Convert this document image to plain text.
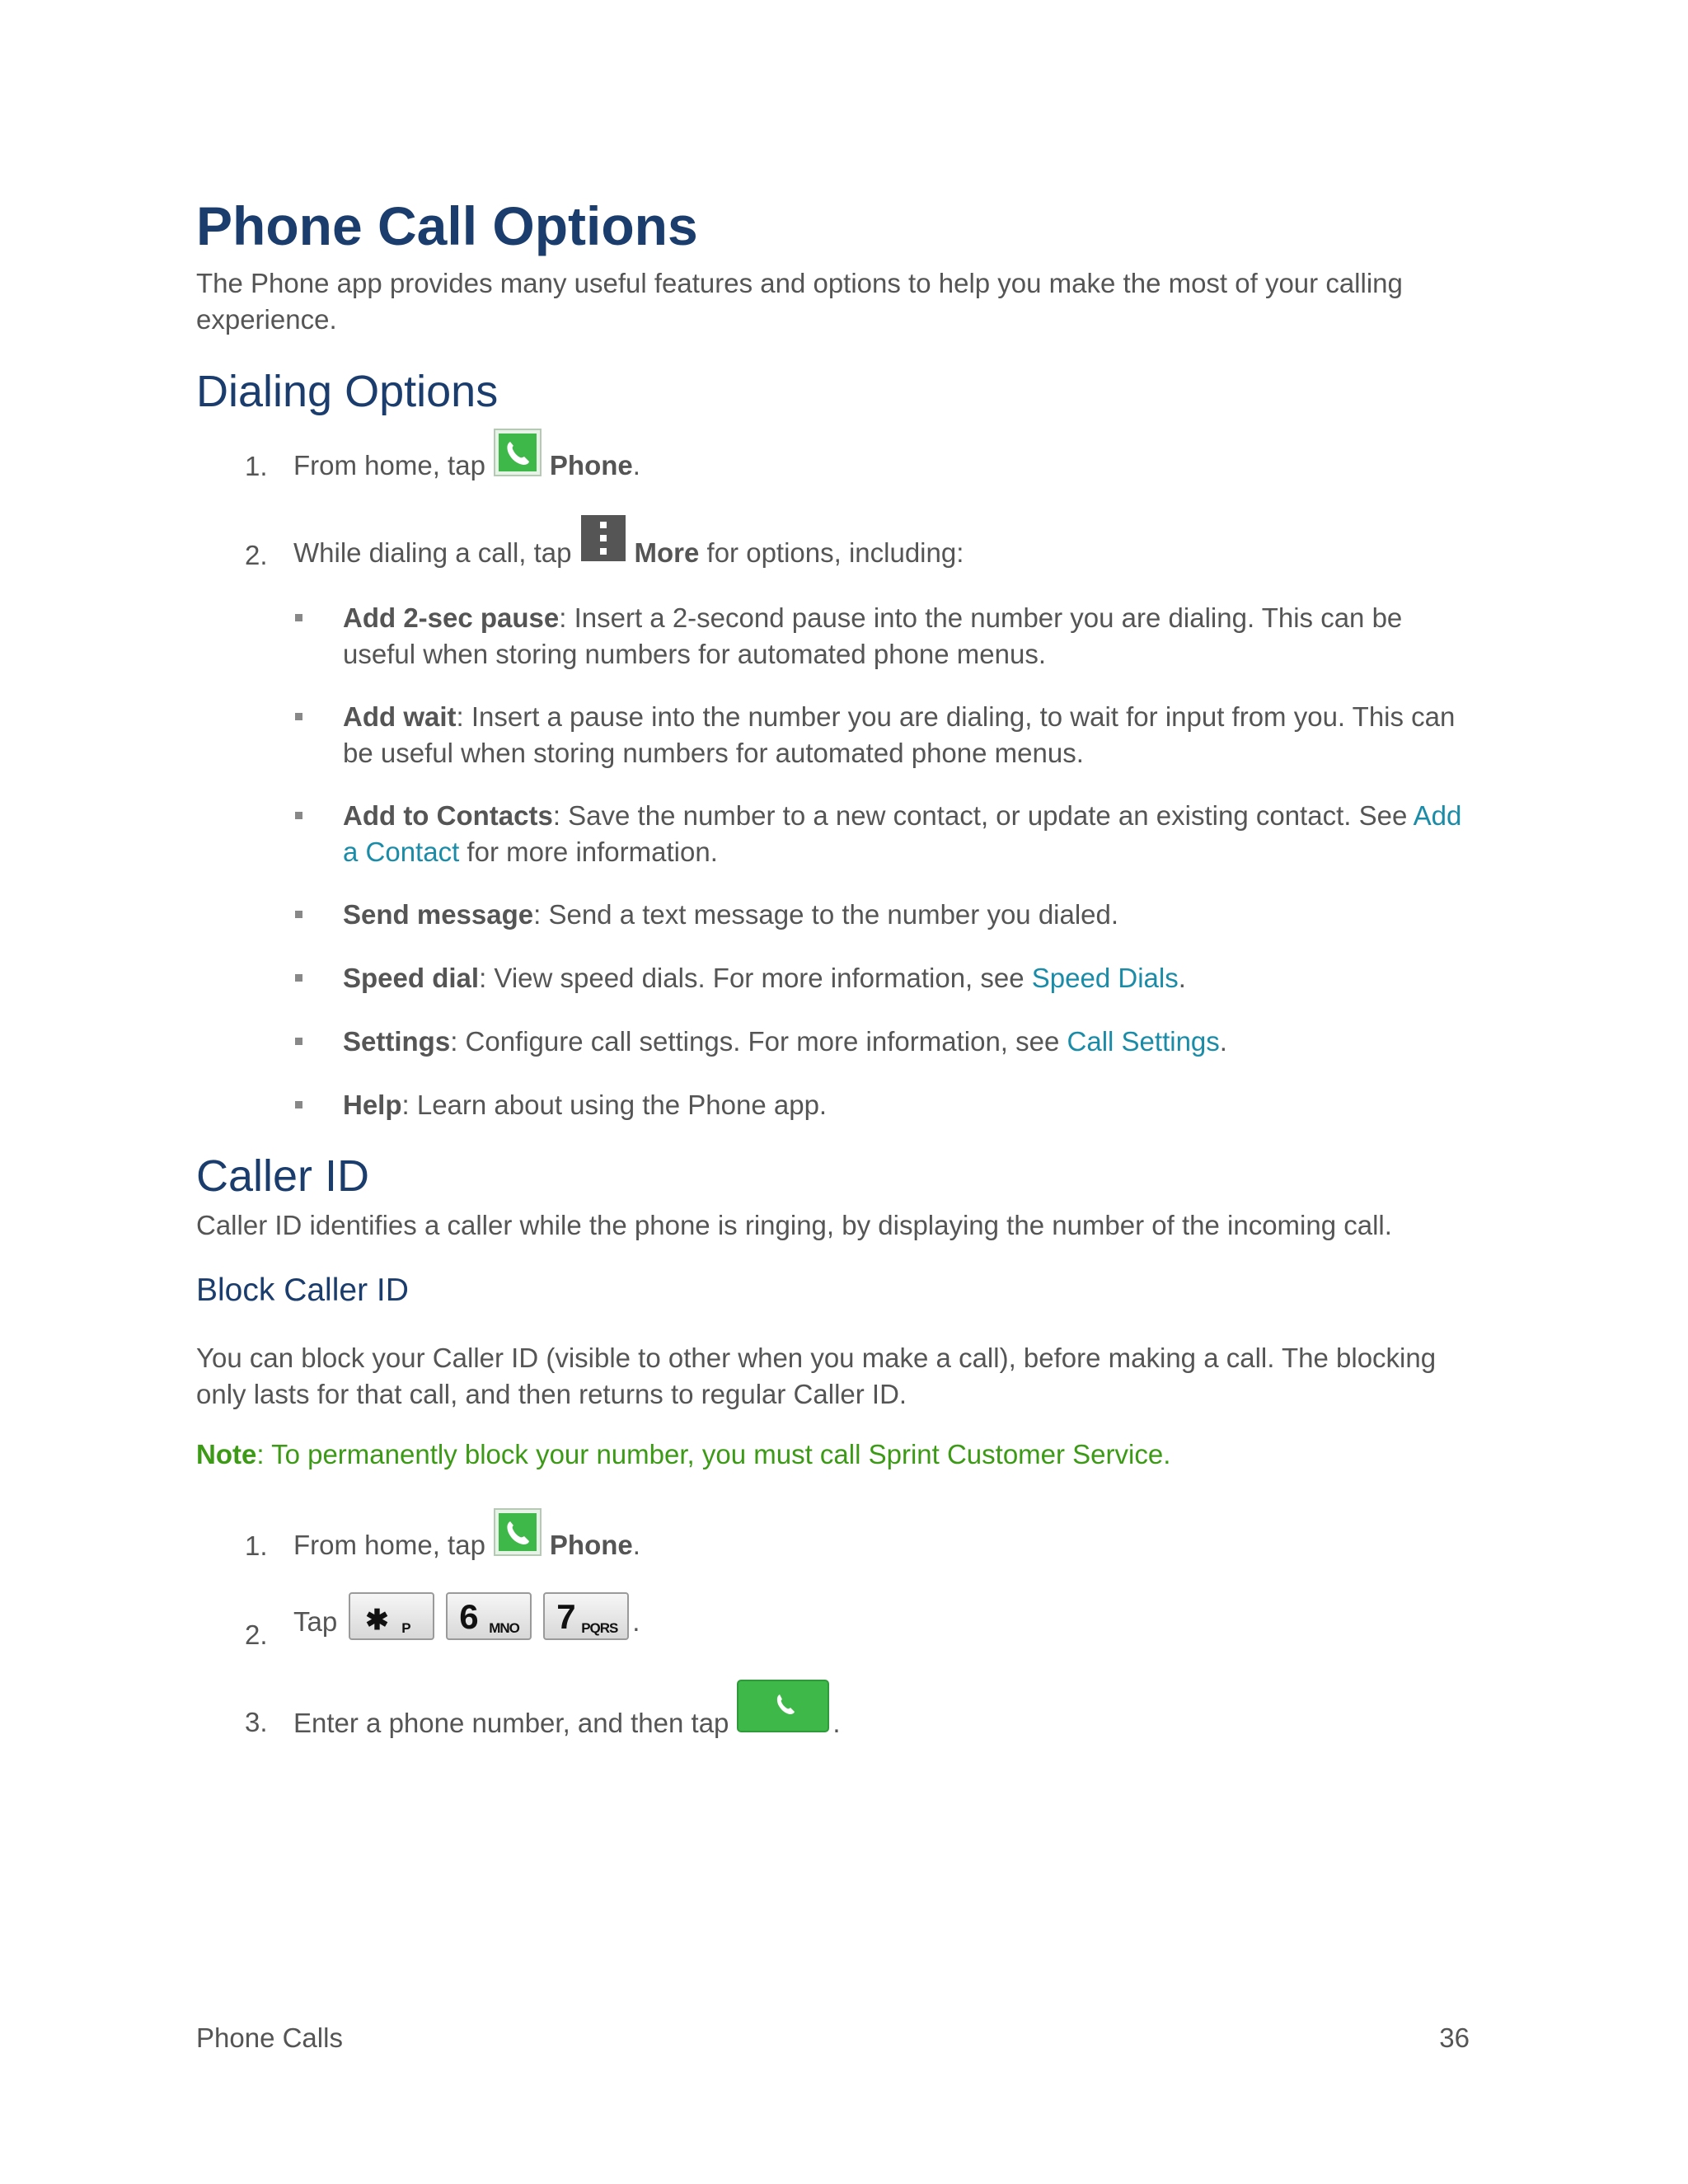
Phone Call Options
The Phone app provides many useful features and options to help you make the most of your calling experience.
Dialing Options
1. From home, tap Phone .
2. While dialing a call, tap More
for options, including:
Add 2-sec pause: Insert a 2-second pause into the number you are dialing. This can be useful when storing numbers for automated phone menus.
Add wait: Insert a pause into the number you are dialing, to wait for input from you. This can be useful when storing numbers for automated phone menus.
Add to Contacts: Save the number to a new contact, or update an existing contact. See Add a Contact for more information.
Send message: Send a text message to the number you dialed.
Speed dial: View speed dials. For more information, see Speed Dials.
Settings: Configure call settings. For more information, see Call Settings.
Help: Learn about using the Phone app.
Caller ID
Caller ID identifies a caller while the phone is ringing, by displaying the number of the incoming call.
Block Caller ID
You can block your Caller ID (visible to other when you make a call), before making a call. The blocking only lasts for that call, and then returns to regular Caller ID.
Note: To permanently block your number, you must call Sprint Customer Service.
1. From home, tap Phone .
2. Tap ✱ P 6 MNO 7 PQRS .
3. Enter a phone number, and then tap	.
Phone Calls	36
